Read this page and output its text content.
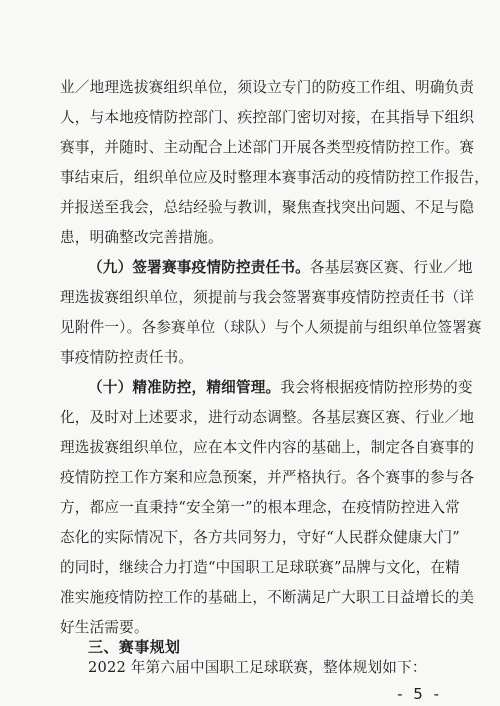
业／地理选拔赛组织单位，须设立专门的防疫工作组、明确负责
人，与本地疫情防控部门、疾控部门密切对接，在其指导下组织
赛事，并随时、主动配合上述部门开展各类型疫情防控工作。赛
事结束后，组织单位应及时整理本赛事活动的疫情防控工作报告，
并报送至我会，总结经验与教训，聚焦查找突出问题、不足与隐
患，明确整改完善措施。
（九）签署赛事疫情防控责任书。各基层赛区赛、行业／地
理选拔赛组织单位，须提前与我会签署赛事疫情防控责任书（详
见附件一）。各参赛单位（球队）与个人须提前与组织单位签署赛
事疫情防控责任书。
（十）精准防控，精细管理。我会将根据疫情防控形势的变
化，及时对上述要求，进行动态调整。各基层赛区赛、行业／地
理选拔赛组织单位，应在本文件内容的基础上，制定各自赛事的
疫情防控工作方案和应急预案，并严格执行。各个赛事的参与各
方，都应一直秉持“安全第一”的根本理念，在疫情防控进入常
态化的实际情况下，各方共同努力，守好“人民群众健康大门”
的同时，继续合力打造“中国职工足球联赛”品牌与文化，在精
准实施疫情防控工作的基础上，不断满足广大职工日益增长的美
好生活需要。
三、赛事规划
2022 年第六届中国职工足球联赛，整体规划如下：
- 5 -
